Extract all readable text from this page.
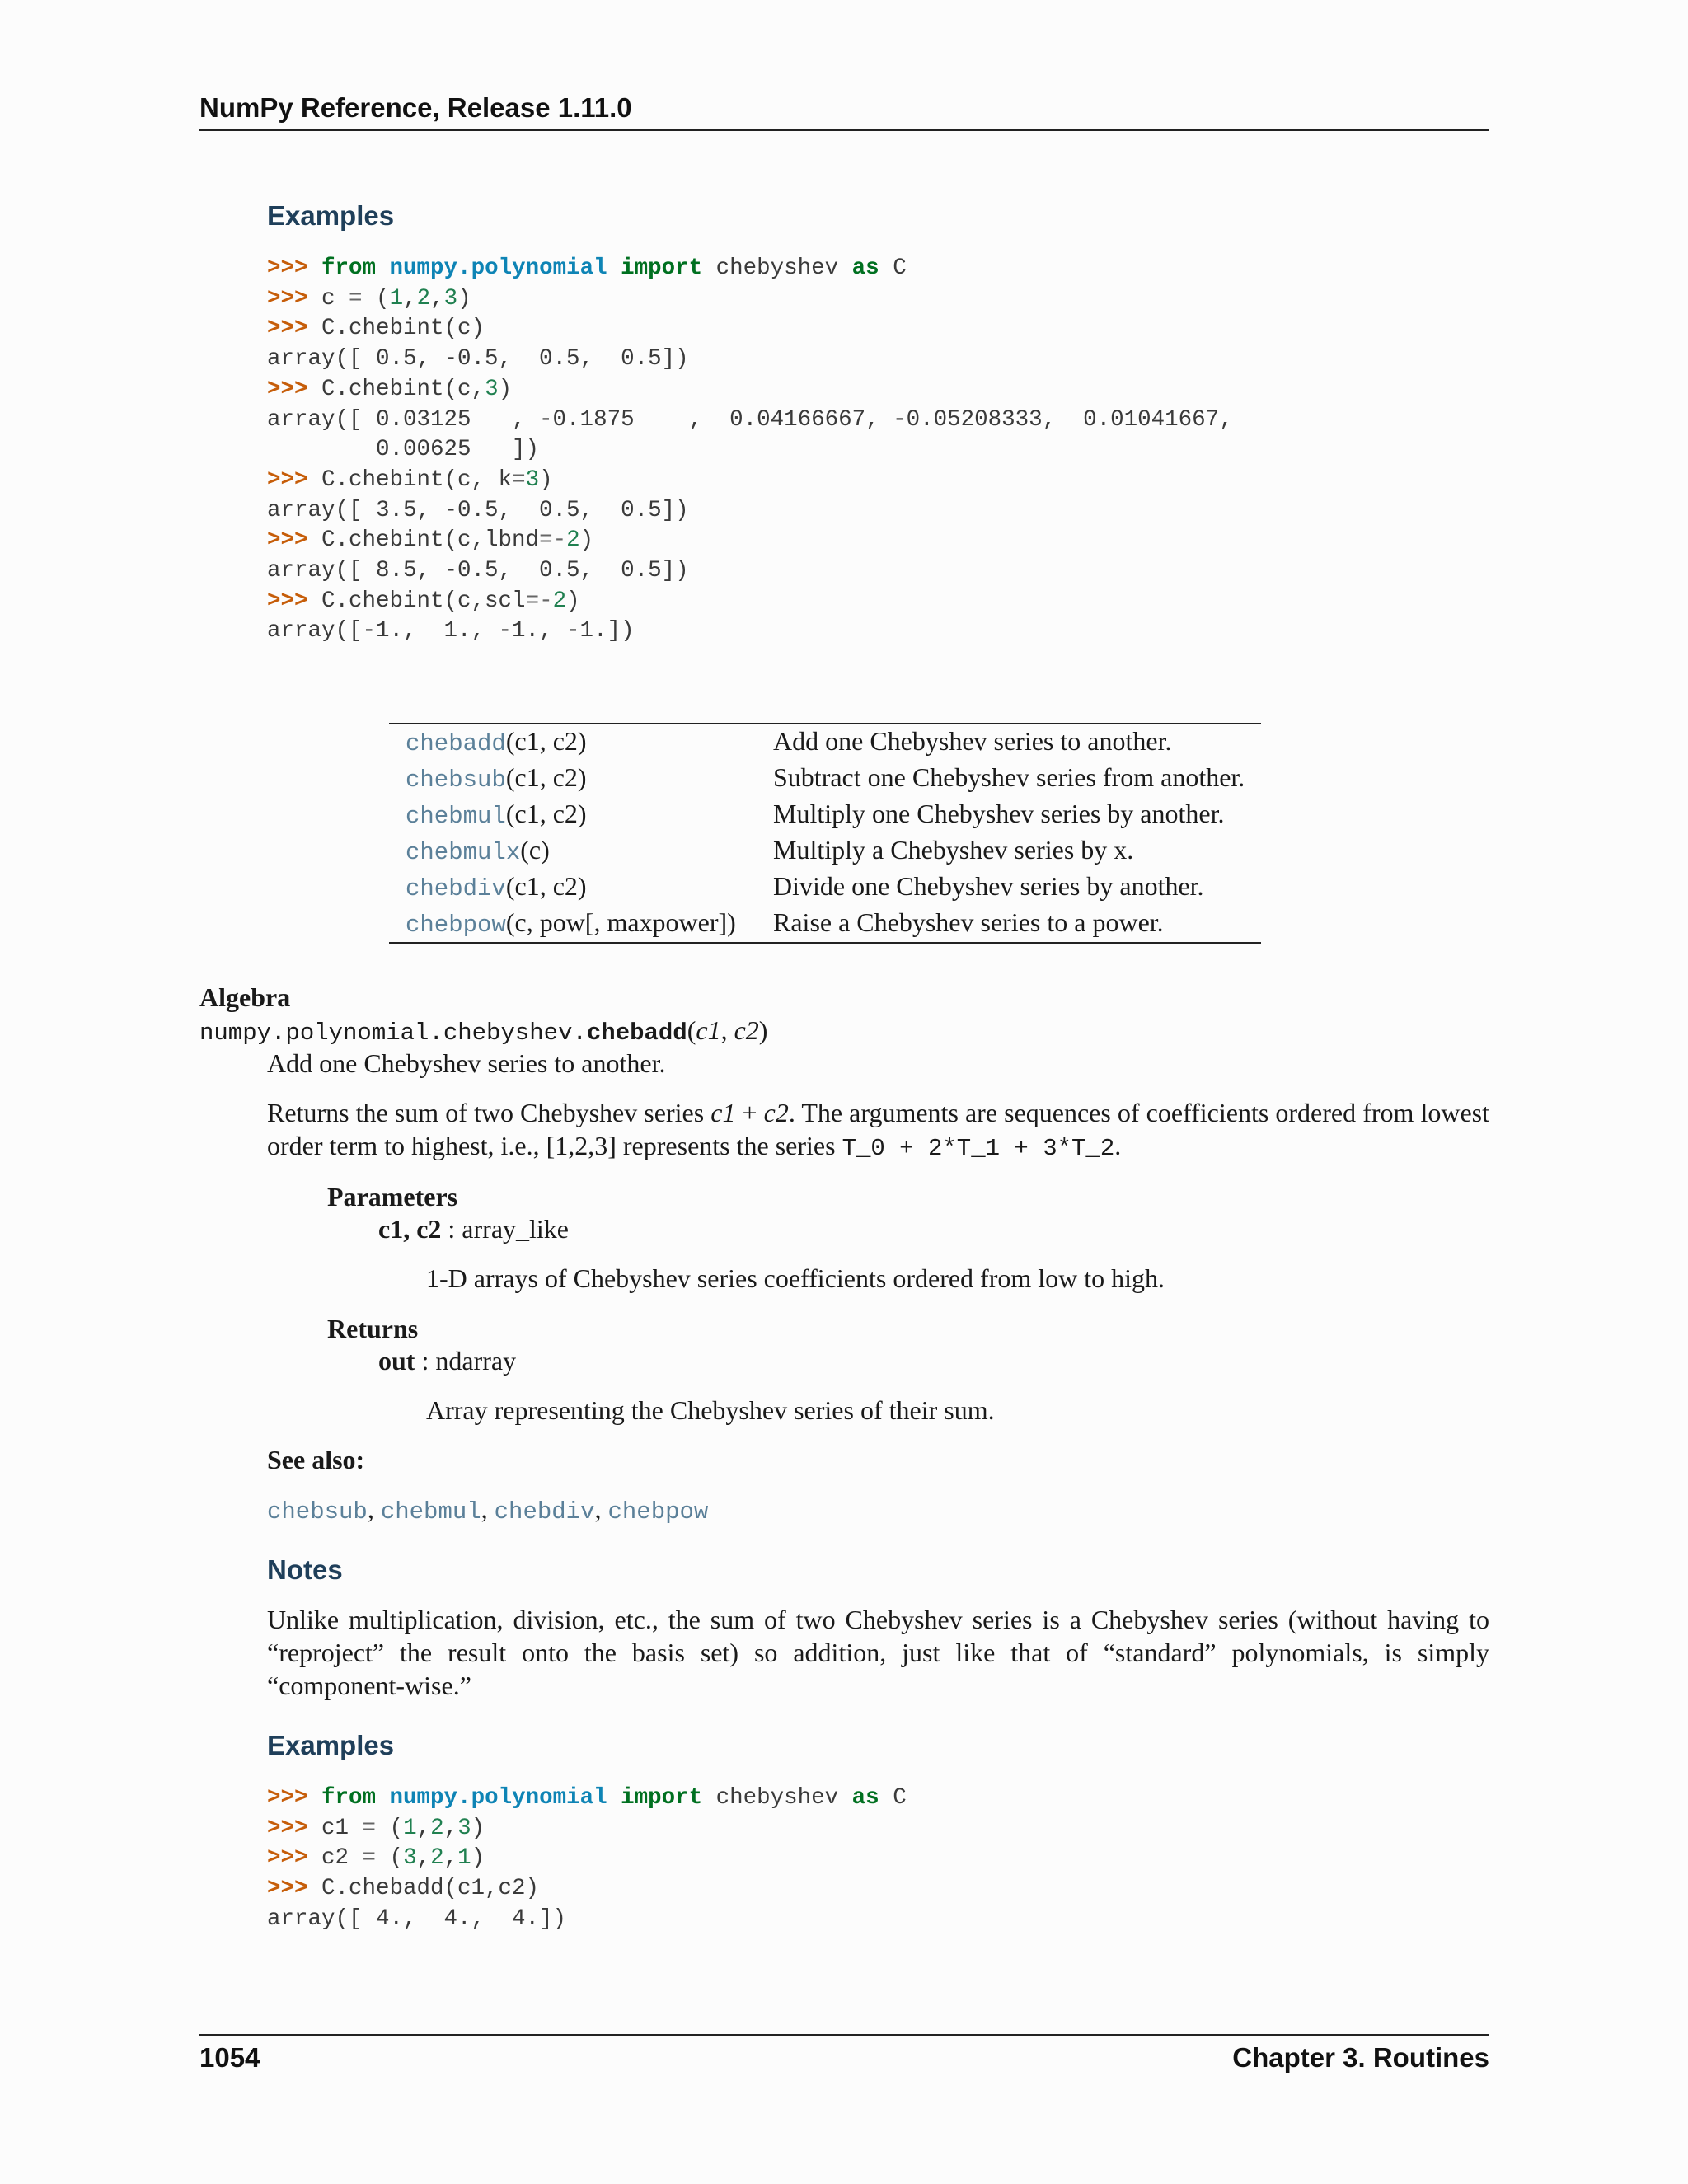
NumPy Reference, Release 1.11.0
Examples
>>> from numpy.polynomial import chebyshev as C
>>> c = (1,2,3)
>>> C.chebint(c)
array([ 0.5, -0.5,  0.5,  0.5])
>>> C.chebint(c,3)
array([ 0.03125   , -0.1875    ,  0.04166667, -0.05208333,  0.01041667,
0.00625   ])
>>> C.chebint(c, k=3)
array([ 3.5, -0.5,  0.5,  0.5])
>>> C.chebint(c,lbnd=-2)
array([ 8.5, -0.5,  0.5,  0.5])
>>> C.chebint(c,scl=-2)
array([-1.,  1., -1., -1.])
chebadd(c1, c2)	Add one Chebyshev series to another.
chebsub(c1, c2)	Subtract one Chebyshev series from another.
chebmul(c1, c2)	Multiply one Chebyshev series by another.
chebmulx(c)	Multiply a Chebyshev series by x.
chebdiv(c1, c2)	Divide one Chebyshev series by another.
chebpow(c, pow[, maxpower])	Raise a Chebyshev series to a power.
Algebra
numpy.polynomial.chebyshev.chebadd(c1, c2)
Add one Chebyshev series to another.
Returns the sum of two Chebyshev series c1 + c2. The arguments are sequences of coefficients ordered from lowest order term to highest, i.e., [1,2,3] represents the series T_0 + 2*T_1 + 3*T_2.
Parameters
c1, c2 : array_like
1-D arrays of Chebyshev series coefficients ordered from low to high.
Returns
out : ndarray
Array representing the Chebyshev series of their sum.
See also:
chebsub, chebmul, chebdiv, chebpow
Notes
Unlike multiplication, division, etc., the sum of two Chebyshev series is a Chebyshev series (without having to “reproject” the result onto the basis set) so addition, just like that of “standard” polynomials, is simply “component-wise.”
Examples
>>> from numpy.polynomial import chebyshev as C
>>> c1 = (1,2,3)
>>> c2 = (3,2,1)
>>> C.chebadd(c1,c2)
array([ 4.,  4.,  4.])
1054	Chapter 3. Routines
